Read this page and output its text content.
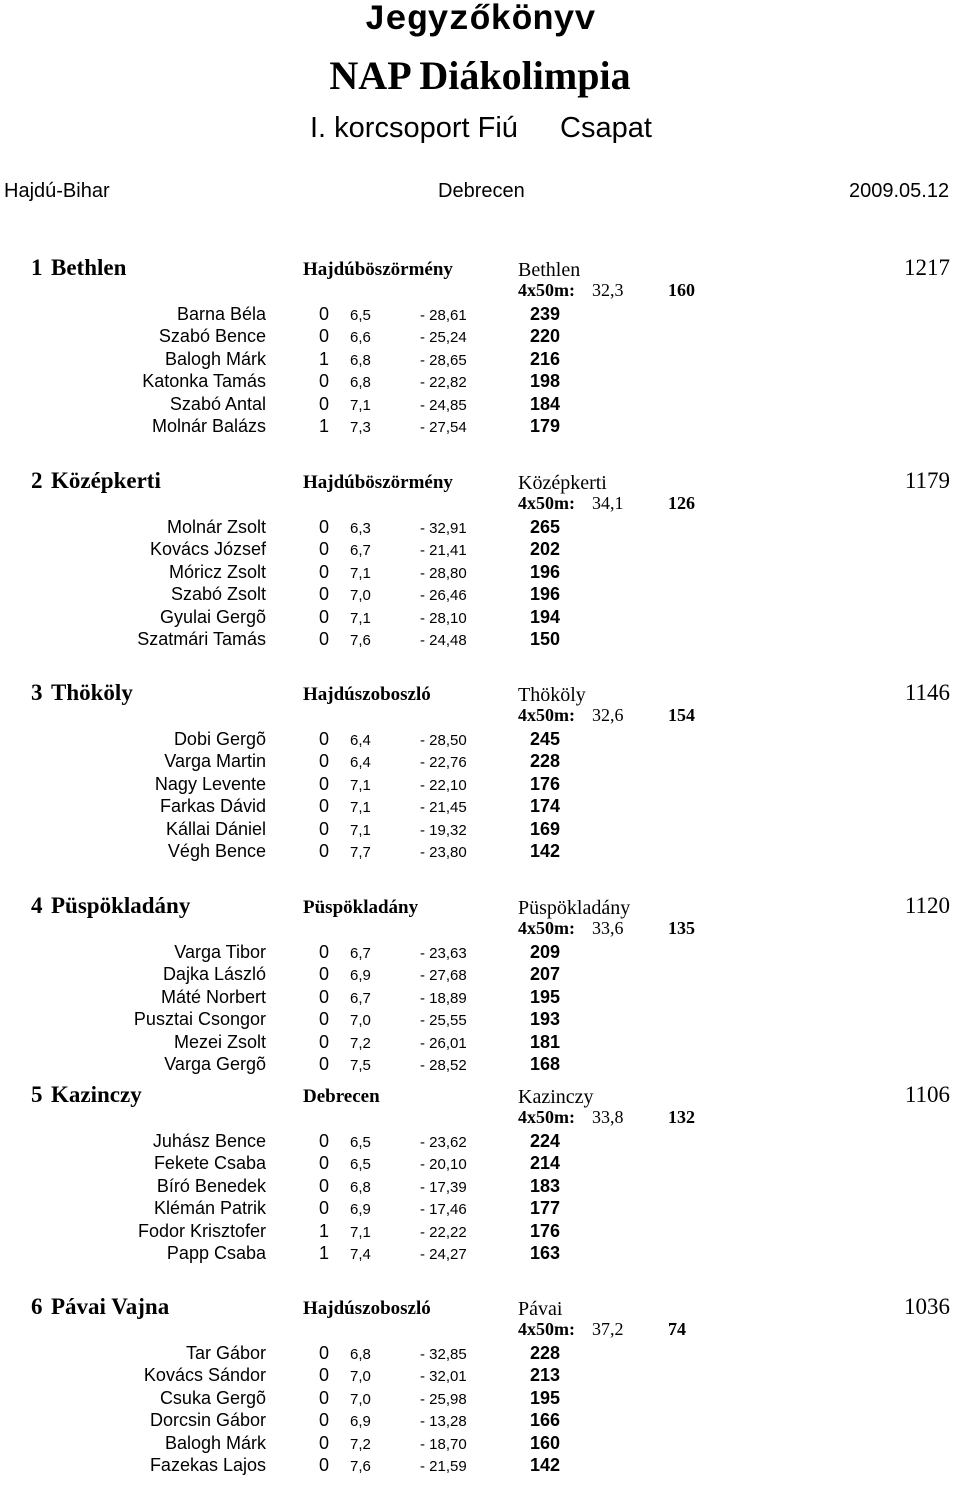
Jegyzőkönyv
NAP Diákolimpia
I. korcsoport Fiú Csapat
Hajdú-Bihar	Debrecen	2009.05.12
1 Bethlen	Hajdúböszörmény	Bethlen	1217
4x50m: 32,3 160
Barna Béla	0 6,5	- 28,61	239
Szabó Bence	0 6,6	- 25,24	220
Balogh Márk	1 6,8	- 28,65	216
Katonka Tamás	0 6,8	- 22,82	198
Szabó Antal	0 7,1	- 24,85	184
Molnár Balázs	1 7,3	- 27,54	179
2 Középkerti	Hajdúböszörmény	Középkerti	1179
4x50m: 34,1 126
Molnár Zsolt	0 6,3	- 32,91	265
Kovács József	0 6,7	- 21,41	202
Móricz Zsolt	0 7,1	- 28,80	196
Szabó Zsolt	0 7,0	- 26,46	196
Gyulai Gergõ	0 7,1	- 28,10	194
Szatmári Tamás	0 7,6	- 24,48	150
3 Thököly	Hajdúszoboszló	Thököly	1146
4x50m: 32,6 154
Dobi Gergõ	0 6,4	- 28,50	245
Varga Martin	0 6,4	- 22,76	228
Nagy Levente	0 7,1	- 22,10	176
Farkas Dávid	0 7,1	- 21,45	174
Kállai Dániel	0 7,1	- 19,32	169
Végh Bence	0 7,7	- 23,80	142
4 Püspökladány	Püspökladány	Püspökladány	1120
4x50m: 33,6 135
Varga Tibor	0 6,7	- 23,63	209
Dajka László	0 6,9	- 27,68	207
Máté Norbert	0 6,7	- 18,89	195
Pusztai Csongor	0 7,0	- 25,55	193
Mezei Zsolt	0 7,2	- 26,01	181
Varga Gergõ	0 7,5	- 28,52	168
5 Kazinczy	Debrecen	Kazinczy	1106
4x50m: 33,8 132
Juhász Bence	0 6,5	- 23,62	224
Fekete Csaba	0 6,5	- 20,10	214
Bíró Benedek	0 6,8	- 17,39	183
Klémán Patrik	0 6,9	- 17,46	177
Fodor Krisztofer	1 7,1	- 22,22	176
Papp Csaba	1 7,4	- 24,27	163
6 Pávai Vajna	Hajdúszoboszló	Pávai	1036
4x50m: 37,2 74
Tar Gábor	0 6,8	- 32,85	228
Kovács Sándor	0 7,0	- 32,01	213
Csuka Gergõ	0 7,0	- 25,98	195
Dorcsin Gábor	0 6,9	- 13,28	166
Balogh Márk	0 7,2	- 18,70	160
Fazekas Lajos	0 7,6	- 21,59	142
